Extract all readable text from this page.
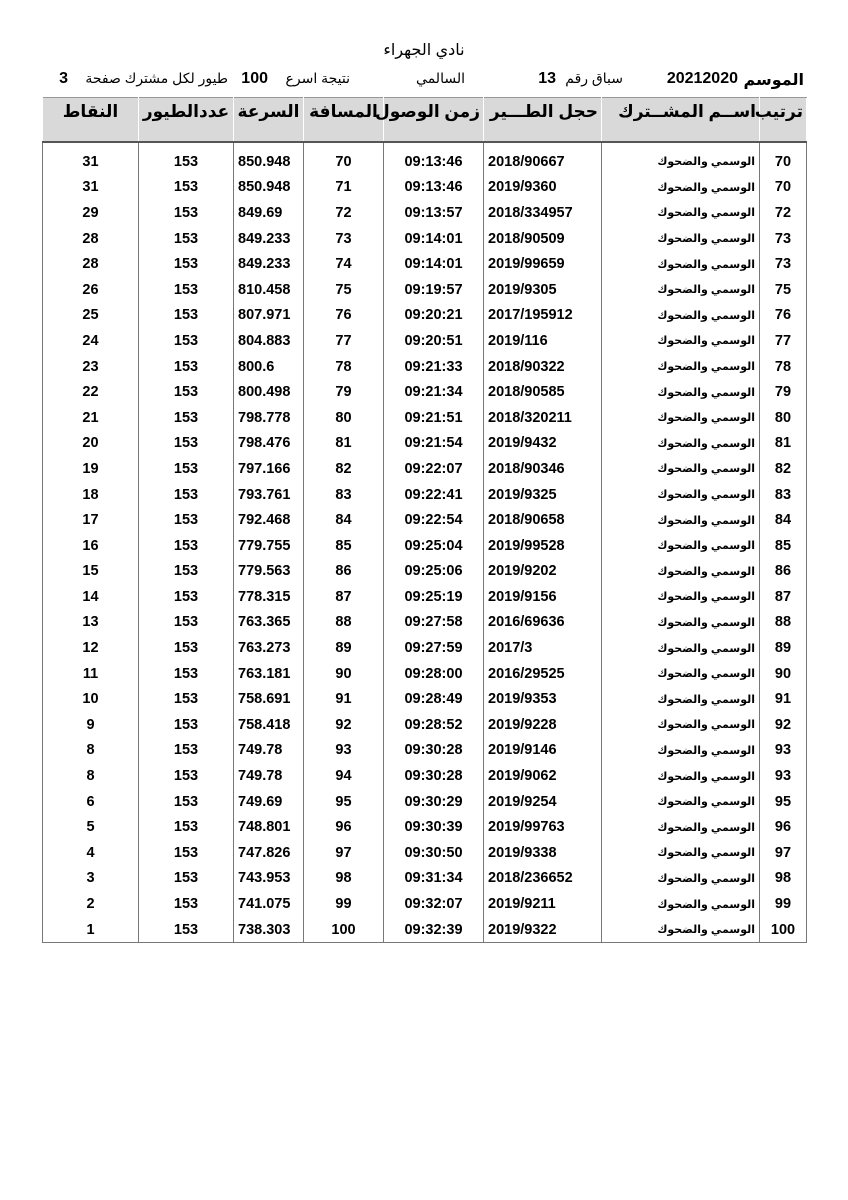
نادي الجهراء
الموسم
20212020
سباق رقم
13
السالمي
نتيجة اسرع
100
طيور لكل مشترك صفحة
3
ترتيب	اســم المشــترك	حجل الطـــير	زمن الوصول	المسافة	السرعة	عددالطيور	النقاط

70	الوسمي والضحوك	2018/90667	09:13:46	70	850.948	153	31
70	الوسمي والضحوك	2019/9360	09:13:46	71	850.948	153	31
72	الوسمي والضحوك	2018/334957	09:13:57	72	849.69	153	29
73	الوسمي والضحوك	2018/90509	09:14:01	73	849.233	153	28
73	الوسمي والضحوك	2019/99659	09:14:01	74	849.233	153	28
75	الوسمي والضحوك	2019/9305	09:19:57	75	810.458	153	26
76	الوسمي والضحوك	2017/195912	09:20:21	76	807.971	153	25
77	الوسمي والضحوك	2019/116	09:20:51	77	804.883	153	24
78	الوسمي والضحوك	2018/90322	09:21:33	78	800.6	153	23
79	الوسمي والضحوك	2018/90585	09:21:34	79	800.498	153	22
80	الوسمي والضحوك	2018/320211	09:21:51	80	798.778	153	21
81	الوسمي والضحوك	2019/9432	09:21:54	81	798.476	153	20
82	الوسمي والضحوك	2018/90346	09:22:07	82	797.166	153	19
83	الوسمي والضحوك	2019/9325	09:22:41	83	793.761	153	18
84	الوسمي والضحوك	2018/90658	09:22:54	84	792.468	153	17
85	الوسمي والضحوك	2019/99528	09:25:04	85	779.755	153	16
86	الوسمي والضحوك	2019/9202	09:25:06	86	779.563	153	15
87	الوسمي والضحوك	2019/9156	09:25:19	87	778.315	153	14
88	الوسمي والضحوك	2016/69636	09:27:58	88	763.365	153	13
89	الوسمي والضحوك	2017/3	09:27:59	89	763.273	153	12
90	الوسمي والضحوك	2016/29525	09:28:00	90	763.181	153	11
91	الوسمي والضحوك	2019/9353	09:28:49	91	758.691	153	10
92	الوسمي والضحوك	2019/9228	09:28:52	92	758.418	153	9
93	الوسمي والضحوك	2019/9146	09:30:28	93	749.78	153	8
93	الوسمي والضحوك	2019/9062	09:30:28	94	749.78	153	8
95	الوسمي والضحوك	2019/9254	09:30:29	95	749.69	153	6
96	الوسمي والضحوك	2019/99763	09:30:39	96	748.801	153	5
97	الوسمي والضحوك	2019/9338	09:30:50	97	747.826	153	4
98	الوسمي والضحوك	2018/236652	09:31:34	98	743.953	153	3
99	الوسمي والضحوك	2019/9211	09:32:07	99	741.075	153	2
100	الوسمي والضحوك	2019/9322	09:32:39	100	738.303	153	1
